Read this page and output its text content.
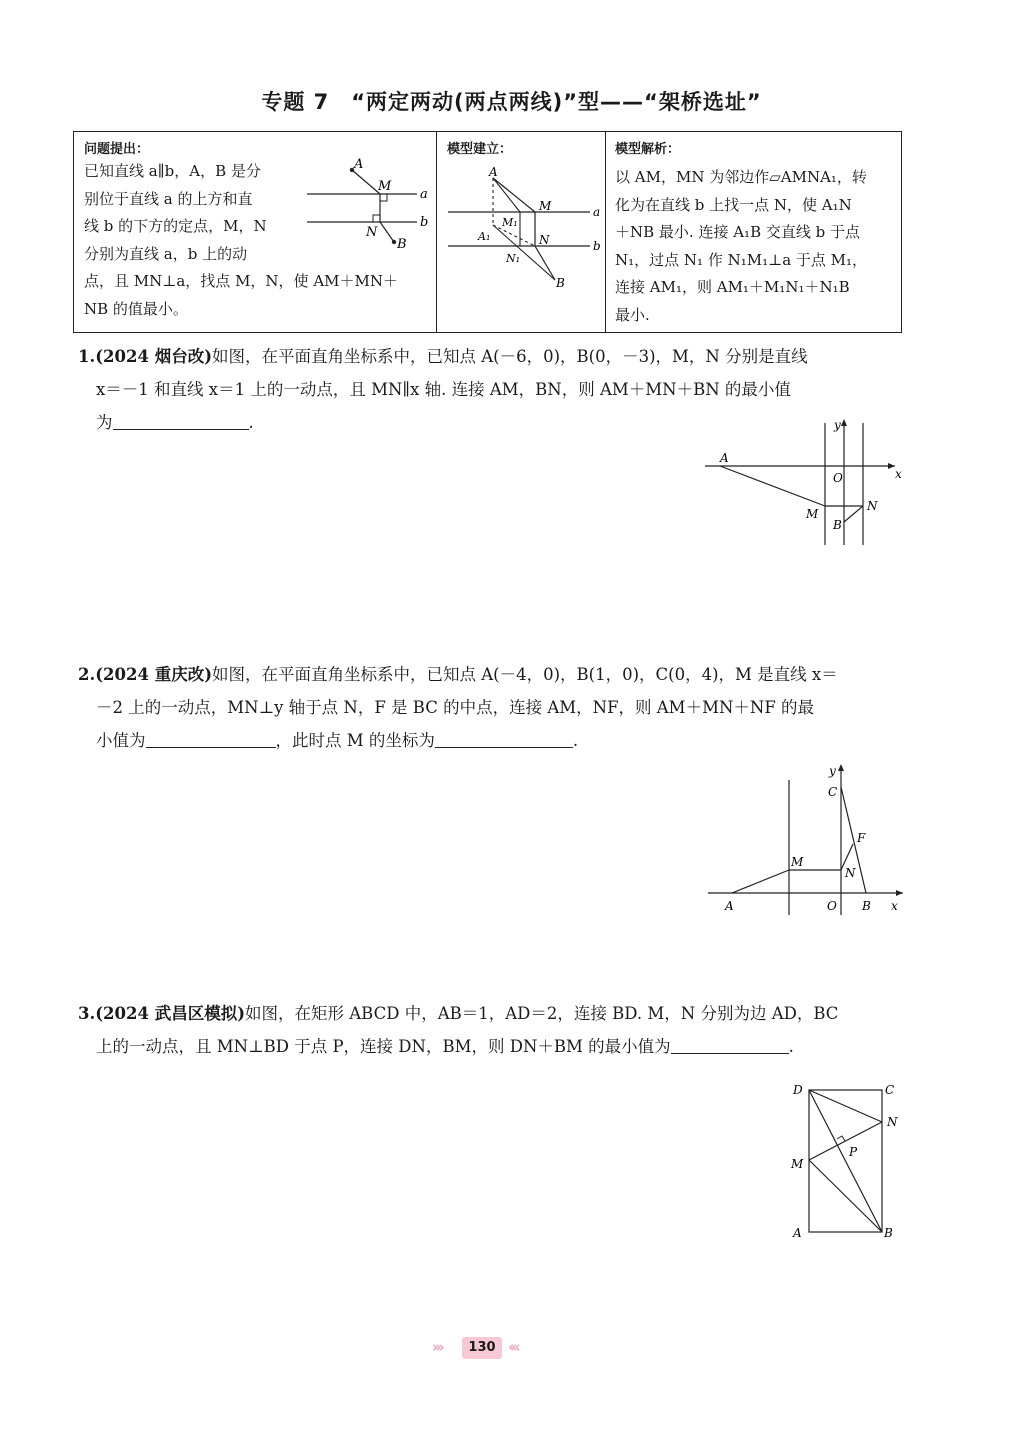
专题 7　“两定两动(两点两线)”型——“架桥选址”
问题提出：
已知直线 a∥b，A，B 是分
别位于直线 a 的上方和直
线 b 的下方的定点，M，N
分别为直线 a，b 上的动
点，且 MN⊥a，找点 M，N，使 AM＋MN＋
NB 的值最小。
A
M
a
b
N
B
模型建立：
A
M
M₁
A₁	N
N₁
B
a
b
模型解析：
以 AM，MN 为邻边作▱AMNA₁，转
化为在直线 b 上找一点 N，使 A₁N
＋NB 最小. 连接 A₁B 交直线 b 于点
N₁，过点 N₁ 作 N₁M₁⊥a 于点 M₁，
连接 AM₁，则 AM₁＋M₁N₁＋N₁B
最小.
1.(2024 烟台改)如图，在平面直角坐标系中，已知点 A(－6，0)，B(0，－3)，M，N 分别是直线
x＝－1 和直线 x＝1 上的一动点，且 MN∥x 轴. 连接 AM，BN，则 AM＋MN＋BN 的最小值
为	.
A
O	x
y
M
N
B
2.(2024 重庆改)如图，在平面直角坐标系中，已知点 A(－4，0)，B(1，0)，C(0，4)，M 是直线 x＝
－2 上的一动点，MN⊥y 轴于点 N，F 是 BC 的中点，连接 AM，NF，则 AM＋MN＋NF 的最
小值为	，此时点 M 的坐标为	.
A
M
N
F
C
y
O B x
3.(2024 武昌区模拟)如图，在矩形 ABCD 中，AB＝1，AD＝2，连接 BD. M，N 分别为边 AD，BC
上的一动点，且 MN⊥BD 于点 P，连接 DN，BM，则 DN＋BM 的最小值为	.
D	C
N
P
M
A	B
›››	130 ‹‹‹
